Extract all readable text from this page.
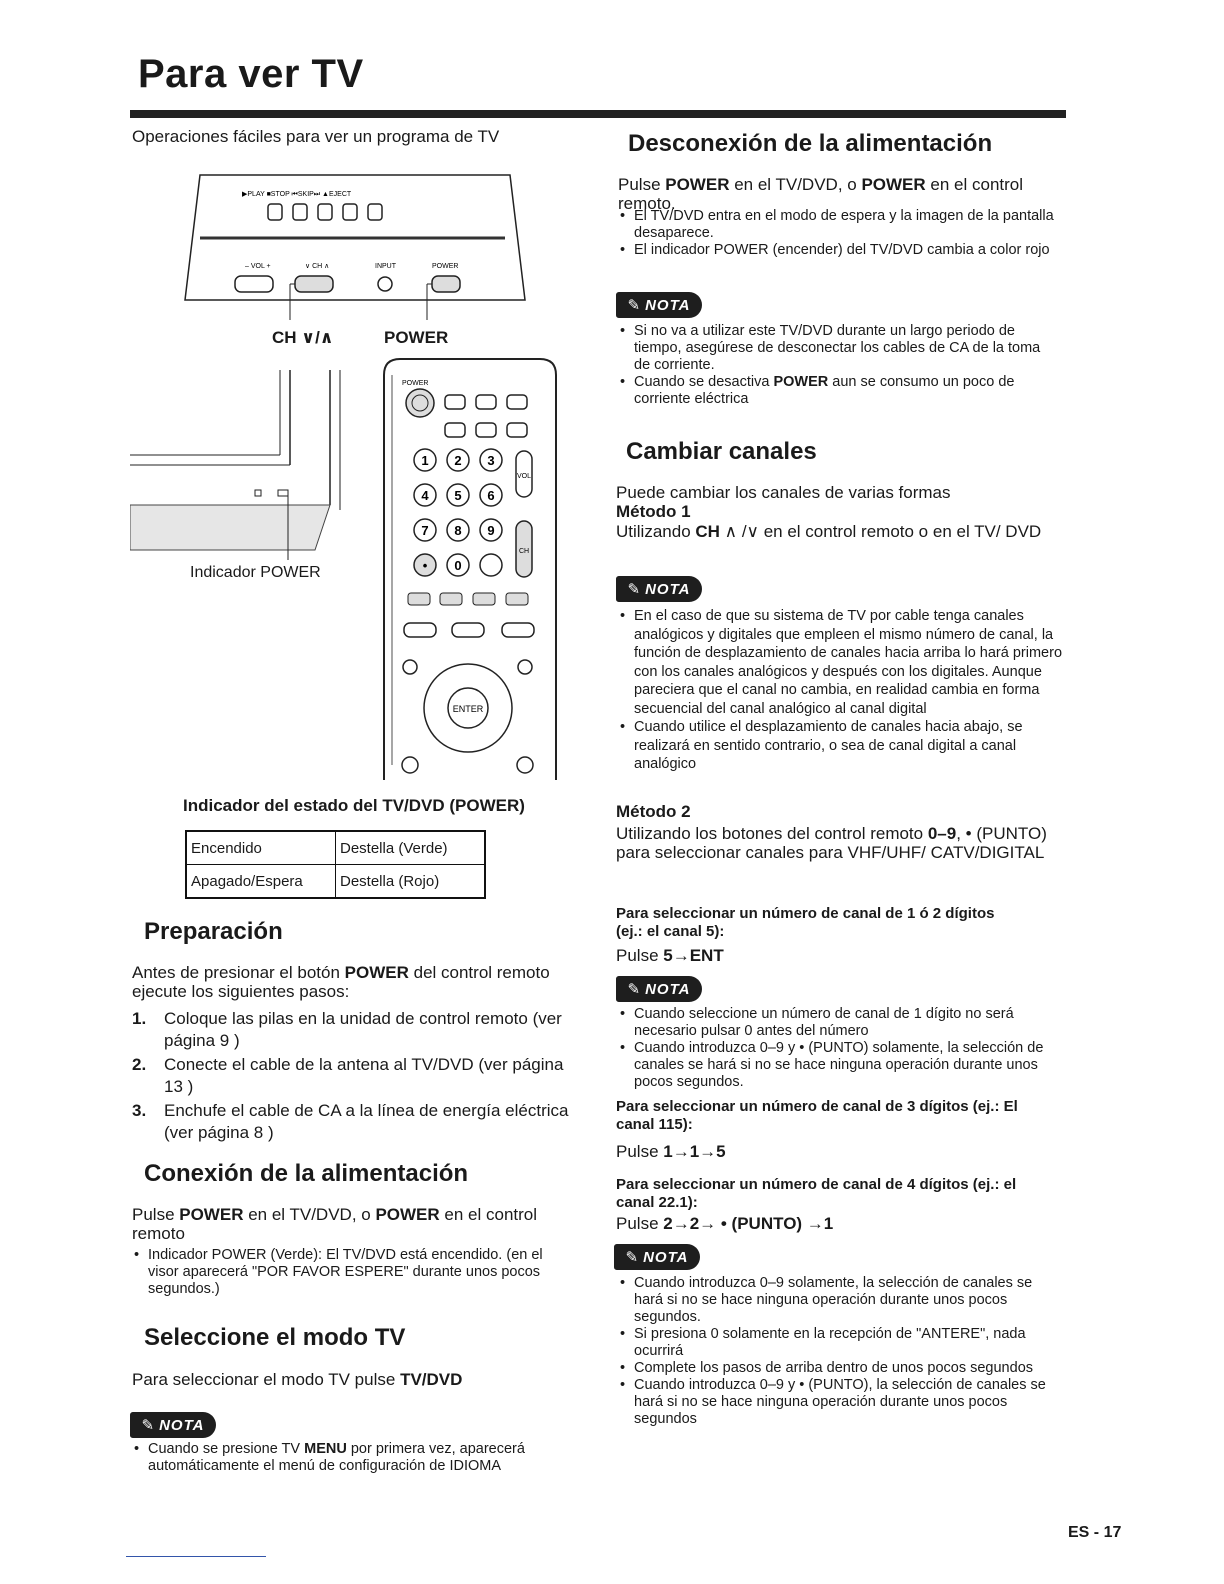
Para ver TV
Operaciones fáciles para ver un programa de TV
▶PLAY ■STOP ⏮SKIP⏭ ▲EJECT
– VOL +	∨ CH ∧	INPUT	POWER
CH ∨/∧	POWER
Indicador POWER
POWER
1 2 3
4 5 6
7 8 9
• 0
VOL
CH
ENTER
Indicador del estado del TV/DVD (POWER)
Encendido	Destella (Verde)
Apagado/Espera	Destella (Rojo)
Preparación
Antes de presionar el botón POWER del control remoto ejecute los siguientes pasos:
1. Coloque las pilas en la unidad de control remoto (ver página 9 )
2. Conecte el cable de la antena al TV/DVD (ver página 13 )
3. Enchufe el cable de CA a la línea de energía eléctrica (ver página 8 )
Conexión de la alimentación
Pulse POWER en el TV/DVD, o POWER en el control remoto
• Indicador POWER (Verde): El TV/DVD está encendido. (en el visor aparecerá "POR FAVOR ESPERE" durante unos pocos segundos.)
Seleccione el modo TV
Para seleccionar el modo TV pulse TV/DVD
✎ NOTA
• Cuando se presione TV MENU por primera vez, aparecerá automáticamente el menú de configuración de IDIOMA
Desconexión de la alimentación
Pulse POWER en el TV/DVD, o POWER en el control remoto.
• El TV/DVD entra en el modo de espera y la imagen de la pantalla desaparece.
• El indicador POWER (encender) del TV/DVD cambia a color rojo
✎ NOTA
• Si no va a utilizar este TV/DVD durante un largo periodo de tiempo, asegúrese de desconectar los cables de CA de la toma de corriente.
• Cuando se desactiva POWER aun se consumo un poco de corriente eléctrica
Cambiar canales
Puede cambiar los canales de varias formas
Método 1
Utilizando CH ∧ /∨ en el control remoto o en el TV/ DVD
✎ NOTA
• En el caso de que su sistema de TV por cable tenga canales analógicos y digitales que empleen el mismo número de canal, la función de desplazamiento de canales hacia arriba lo hará primero con los canales analógicos y después con los digitales. Aunque pareciera que el canal no cambia, en realidad cambia en forma secuencial del canal analógico al canal digital
• Cuando utilice el desplazamiento de canales hacia abajo, se realizará en sentido contrario, o sea de canal digital a canal analógico
Método 2
Utilizando los botones del control remoto 0–9, • (PUNTO) para seleccionar canales para VHF/UHF/ CATV/DIGITAL
Para seleccionar un número de canal de 1 ó 2 dígitos (ej.: el canal 5):
Pulse 5→ENT
✎ NOTA
• Cuando seleccione un número de canal de 1 dígito no será necesario pulsar 0 antes del número
• Cuando introduzca 0–9 y • (PUNTO) solamente, la selección de canales se hará si no se hace ninguna operación durante unos pocos segundos.
Para seleccionar un número de canal de 3 dígitos (ej.: El canal 115):
Pulse 1→1→5
Para seleccionar un número de canal de 4 dígitos (ej.: el canal 22.1):
Pulse 2→2→ • (PUNTO) →1
✎ NOTA
• Cuando introduzca 0–9 solamente, la selección de canales se hará si no se hace ninguna operación durante unos pocos segundos.
• Si presiona 0 solamente en la recepción de "ANTERE", nada ocurrirá
• Complete los pasos de arriba dentro de unos pocos segundos
• Cuando introduzca 0–9 y • (PUNTO), la selección de canales se hará si no se hace ninguna operación durante unos pocos segundos
ES - 17
